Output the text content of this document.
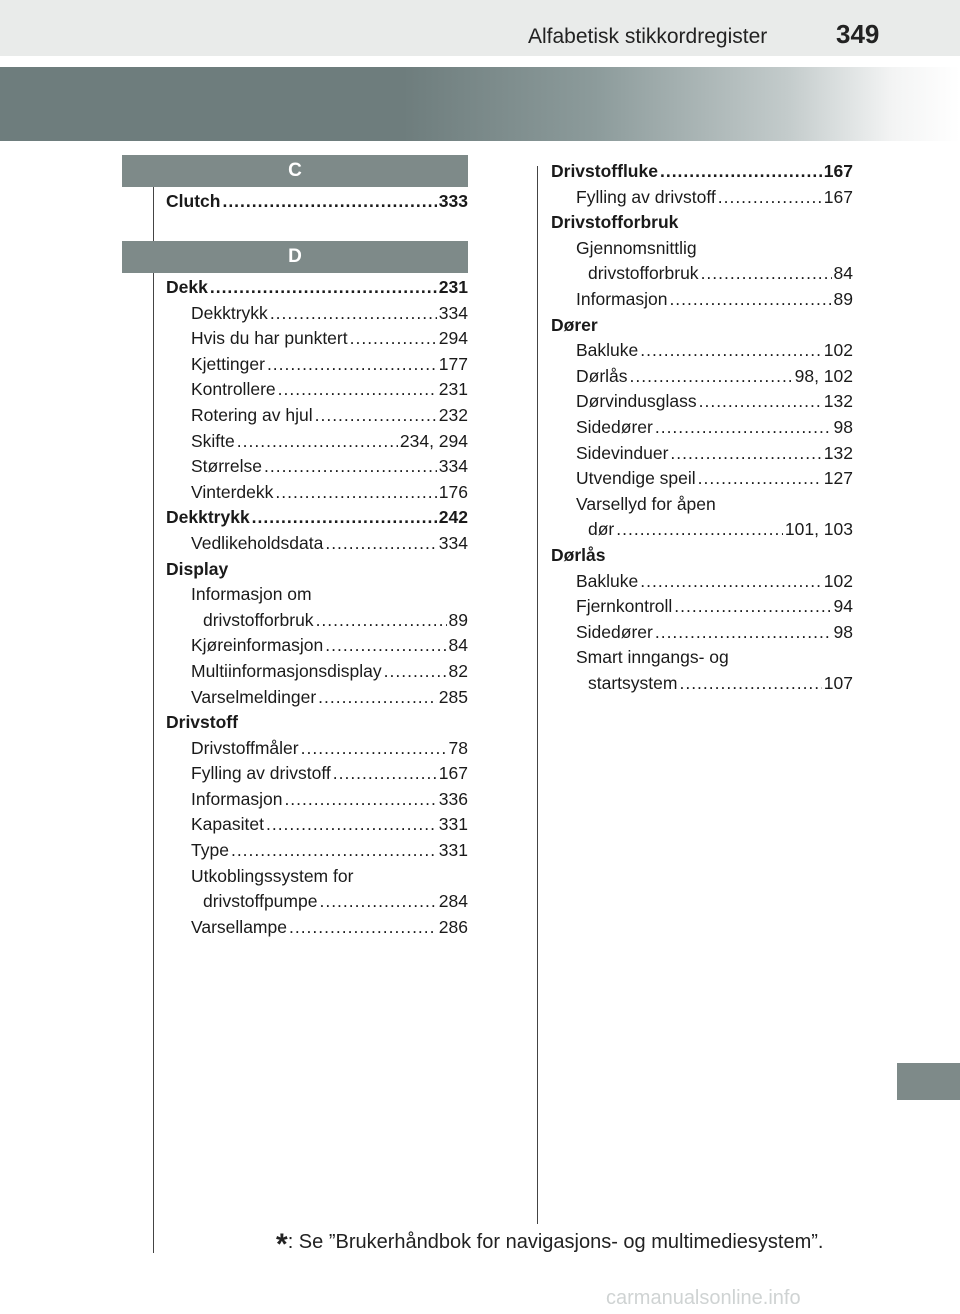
Alfabetisk stikkordregister	349
C
Clutch .....	333
D
Dekk .....	231
Dekktrykk .....	334
Hvis du har punktert .....	294
Kjettinger .....	177
Kontrollere .....	231
Rotering av hjul .....	232
Skifte .....	234, 294
Størrelse .....	334
Vinterdekk .....	176
Dekktrykk .....	242
Vedlikeholdsdata .....	334
Display
Informasjon om
drivstofforbruk .....	89
Kjøreinformasjon .....	84
Multiinformasjonsdisplay .....	82
Varselmeldinger .....	285
Drivstoff
Drivstoffmåler .....	78
Fylling av drivstoff .....	167
Informasjon .....	336
Kapasitet .....	331
Type .....	331
Utkoblingssystem for
drivstoffpumpe .....	284
Varsellampe .....	286
Drivstoffluke .....	167
Fylling av drivstoff .....	167
Drivstofforbruk
Gjennomsnittlig
drivstofforbruk .....	84
Informasjon .....	89
Dører
Bakluke .....	102
Dørlås .....	98, 102
Dørvindusglass .....	132
Sidedører .....	98
Sidevinduer .....	132
Utvendige speil .....	127
Varsellyd for åpen
dør .....	101, 103
Dørlås
Bakluke .....	102
Fjernkontroll .....	94
Sidedører .....	98
Smart inngangs- og
startsystem .....	107
*: Se ”Brukerhåndbok for navigasjons- og multimediesystem”.
carmanualsonline.info
